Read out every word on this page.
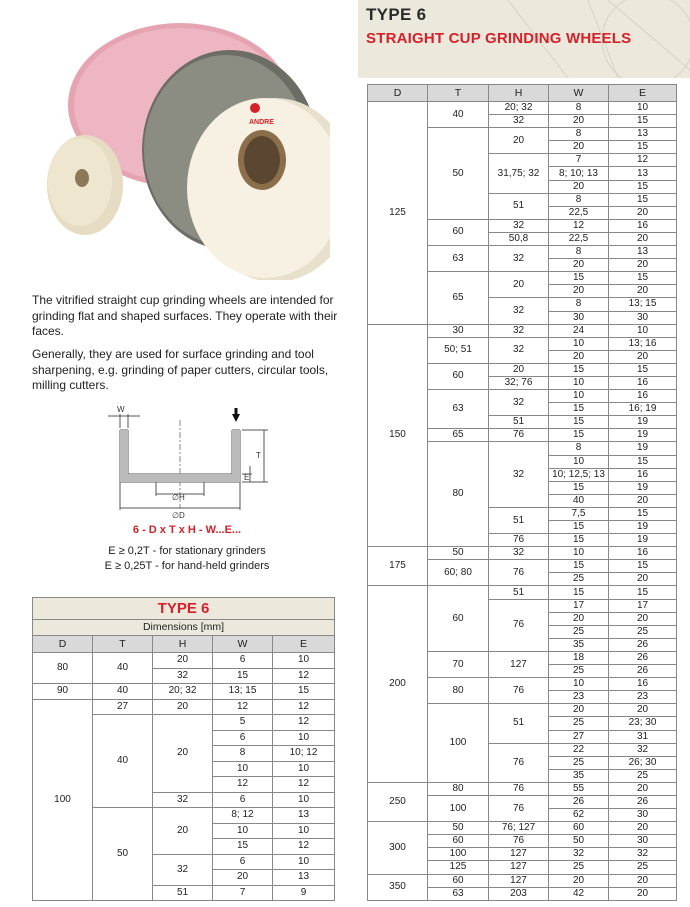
TYPE 6
STRAIGHT CUP GRINDING WHEELS
ANDRE

The vitrified straight cup grinding wheels are intended for grinding flat and shaped surfaces. They operate with their faces.

Generally, they are used for surface grinding and tool sharpening, e.g. grinding of paper cutters, circular tools, milling cutters.

W
T
E
∅H
∅D
6 - D x T x H - W...E...
E ≥ 0,2T - for stationary grinders
E ≥ 0,25T - for hand-held grinders
D	T	H	W	E
125	40	20; 32	8	10
		32	20	15
	50	20	8	13
			20	15
		31,75; 32	7	12
			8; 10; 13	13
			20	15
		51	8	15
			22,5	20
	60	32	12	16
		50,8	22,5	20
	63	32	8	13
			20	20
	65	20	15	15
			20	20
		32	8	13; 15
			30	30
150	30	32	24	10
	50; 51	32	10	13; 16
			20	20
	60	20	15	15
		32; 76	10	16
	63	32	10	16
			15	16; 19
		51	15	19
	65	76	15	19
	80	32	8	19
			10	15
			10; 12,5; 13	16
			15	19
			40	20
		51	7,5	15
			15	19
		76	15	19
175	50	32	10	16
	60; 80	76	15	15
			25	20
200	60	51	15	15
		76	17	17
			20	20
			25	25
			35	26
	70	127	18	26
			25	26
	80	76	10	16
			23	23
	100	51	20	20
			25	23; 30
			27	31
		76	22	32
			25	26; 30
			35	25
250	80	76	55	20
	100	76	26	26
			62	30
300	50	76; 127	60	20
	60	76	50	30
	100	127	32	32
	125	127	25	25
350	60	127	20	20
	63	203	42	20
TYPE 6				
Dimensions [mm]				
D	T	H	W	E
80	40	20	6	10
		32	15	12
90	40	20; 32	13; 15	15
100	27	20	12	12
	40	20	5	12
			6	10
			8	10; 12
			10	10
			12	12
		32	6	10
	50	20	8; 12	13
			10	10
			15	12
		32	6	10
			20	13
		51	7	9
